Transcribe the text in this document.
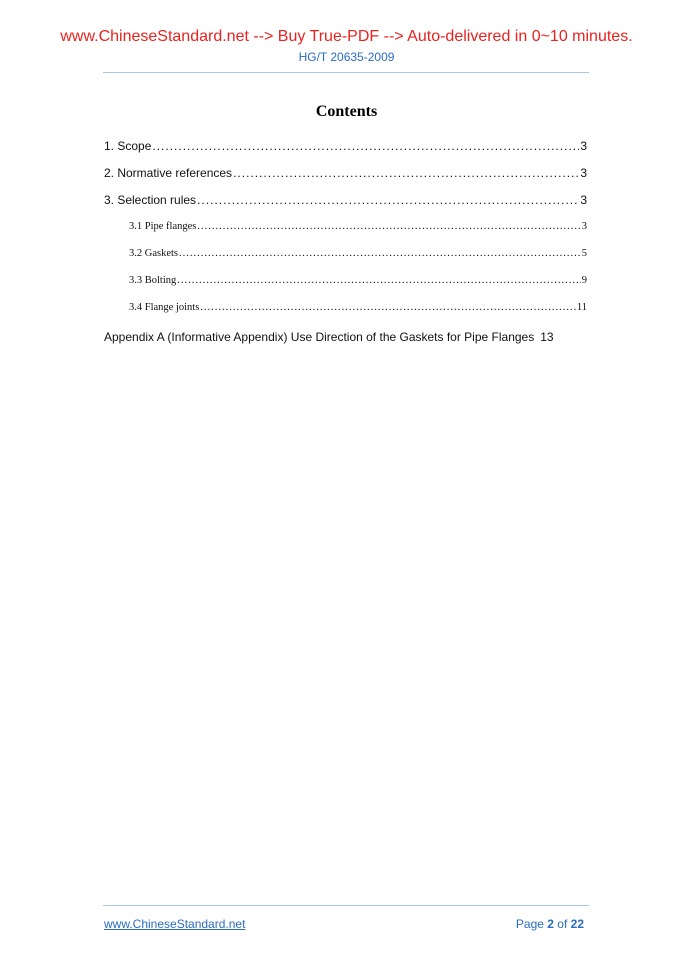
www.ChineseStandard.net --> Buy True-PDF --> Auto-delivered in 0~10 minutes.
HG/T 20635-2009
Contents
1. Scope .....	3
2. Normative references .....	3
3. Selection rules .....	3
3.1 Pipe flanges .....	3
3.2 Gaskets .....	5
3.3 Bolting .....	9
3.4 Flange joints .....	11
Appendix A (Informative Appendix) Use Direction of the Gaskets for Pipe Flanges 13
www.ChineseStandard.net	Page 2 of 22
